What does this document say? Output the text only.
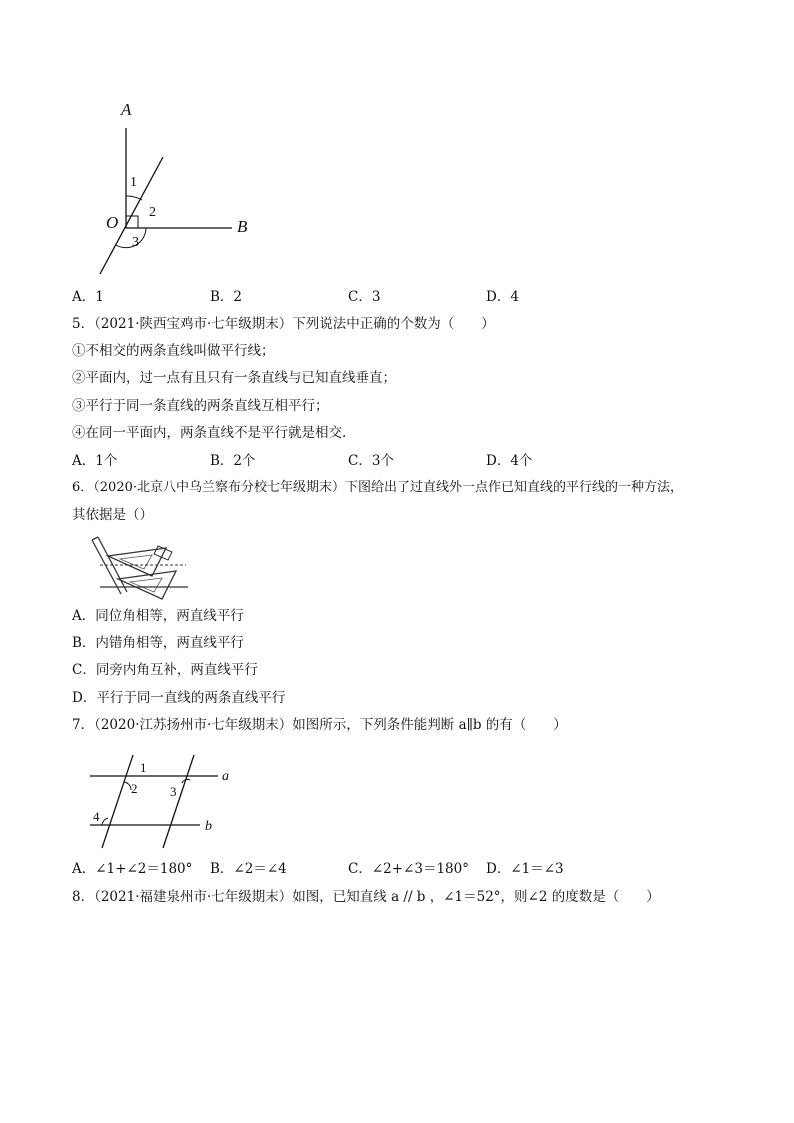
A
B
O
1
2
3
A．1	B．2	C．3	D．4
5．（2021·陕西宝鸡市·七年级期末）下列说法中正确的个数为（　　）
①不相交的两条直线叫做平行线；
②平面内，过一点有且只有一条直线与已知直线垂直；
③平行于同一条直线的两条直线互相平行；
④在同一平面内，两条直线不是平行就是相交.
A．1个	B．2个	C．3个	D．4个
6．（2020·北京八中乌兰察布分校七年级期末）下图给出了过直线外一点作已知直线的平行线的一种方法，
其依据是（）
A．同位角相等，两直线平行
B．内错角相等，两直线平行
C．同旁内角互补，两直线平行
D．平行于同一直线的两条直线平行
7．（2020·江苏扬州市·七年级期末）如图所示，下列条件能判断 a∥b 的有（　　）
1
2	3
4
a
b
A．∠1+∠2＝180° B．∠2＝∠4	C．∠2+∠3＝180° D．∠1＝∠3
8．（2021·福建泉州市·七年级期末）如图，已知直线 a // b ，∠1＝52°，则∠2 的度数是（　　）
